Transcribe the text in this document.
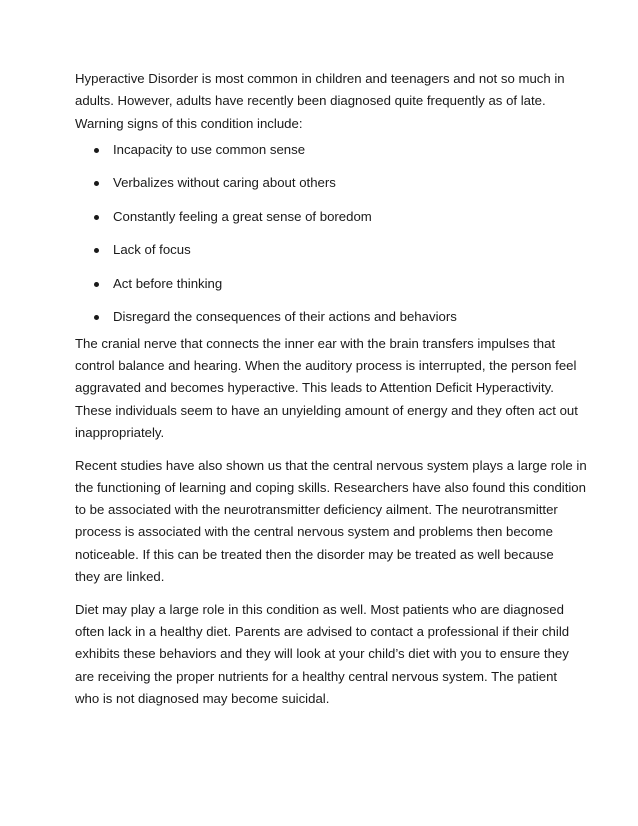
Hyperactive Disorder is most common in children and teenagers and not so much in

adults. However, adults have recently been diagnosed quite frequently as of late.

Warning signs of this condition include:

Incapacity to use common sense
Verbalizes without caring about others
Constantly feeling a great sense of boredom
Lack of focus
Act before thinking
Disregard the consequences of their actions and behaviors

The cranial nerve that connects the inner ear with the brain transfers impulses that

control balance and hearing. When the auditory process is interrupted, the person feel

aggravated and becomes hyperactive. This leads to Attention Deficit Hyperactivity.

These individuals seem to have an unyielding amount of energy and they often act out

inappropriately.

Recent studies have also shown us that the central nervous system plays a large role in

the functioning of learning and coping skills. Researchers have also found this condition

to be associated with the neurotransmitter deficiency ailment. The neurotransmitter

process is associated with the central nervous system and problems then become

noticeable. If this can be treated then the disorder may be treated as well because

they are linked.

Diet may play a large role in this condition as well. Most patients who are diagnosed

often lack in a healthy diet. Parents are advised to contact a professional if their child

exhibits these behaviors and they will look at your child’s diet with you to ensure they

are receiving the proper nutrients for a healthy central nervous system. The patient

who is not diagnosed may become suicidal.
